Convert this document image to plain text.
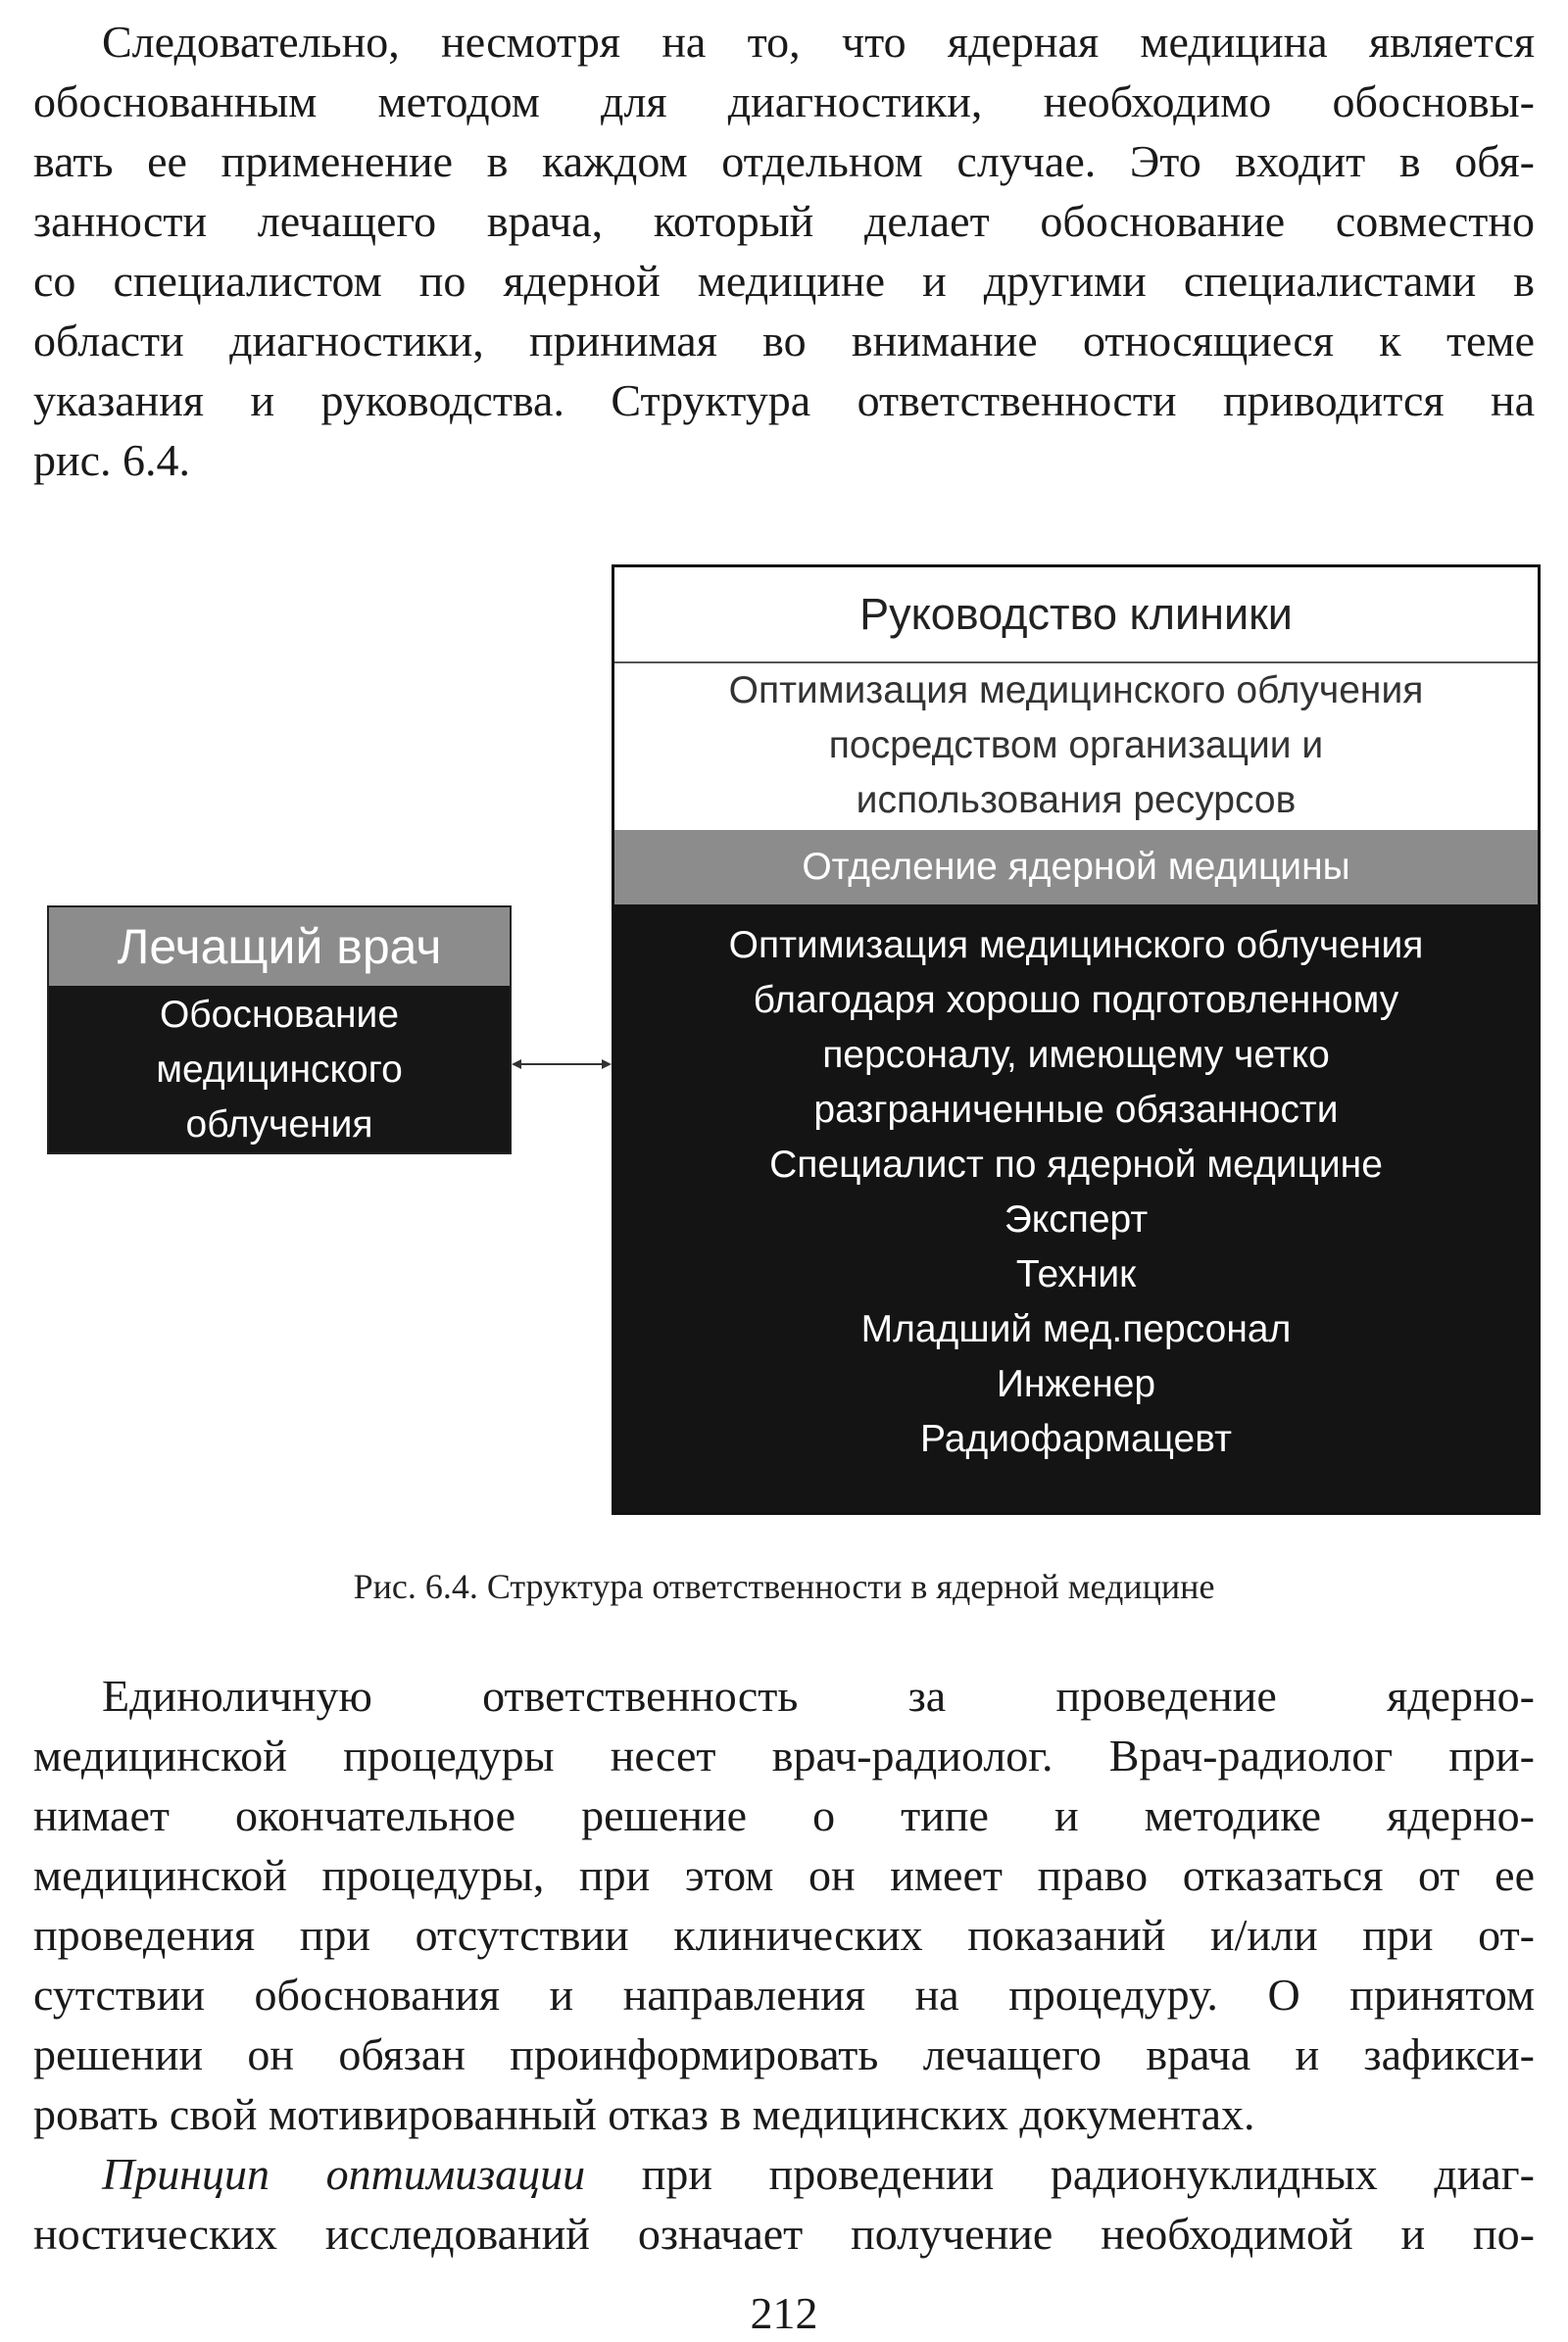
Следовательно, несмотря на то, что ядерная медицина является
обоснованным методом для диагностики, необходимо обосновы-
вать ее применение в каждом отдельном случае. Это входит в обя-
занности лечащего врача, который делает обоснование совместно
со специалистом по ядерной медицине и другими специалистами в
области диагностики, принимая во внимание относящиеся к теме
указания и руководства. Структура ответственности приводится на
рис. 6.4.
Руководство клиники
Оптимизация медицинского облучения
посредством организации и
использования ресурсов
Отделение ядерной медицины
Оптимизация медицинского облучения
благодаря хорошо подготовленному
персоналу, имеющему четко
разграниченные обязанности
Специалист по ядерной медицине
Эксперт
Техник
Младший мед.персонал
Инженер
Радиофармацевт
Лечащий врач
Обоснование
медицинского
облучения
Рис. 6.4. Структура ответственности в ядерной медицине
Единоличную ответственность за проведение ядерно-
медицинской процедуры несет врач-радиолог. Врач-радиолог при-
нимает окончательное решение о типе и методике ядерно-
медицинской процедуры, при этом он имеет право отказаться от ее
проведения при отсутствии клинических показаний и/или при от-
сутствии обоснования и направления на процедуру. О принятом
решении он обязан проинформировать лечащего врача и зафикси-
ровать свой мотивированный отказ в медицинских документах.
Принцип оптимизации при проведении радионуклидных диаг-
ностических исследований означает получение необходимой и по-
212
